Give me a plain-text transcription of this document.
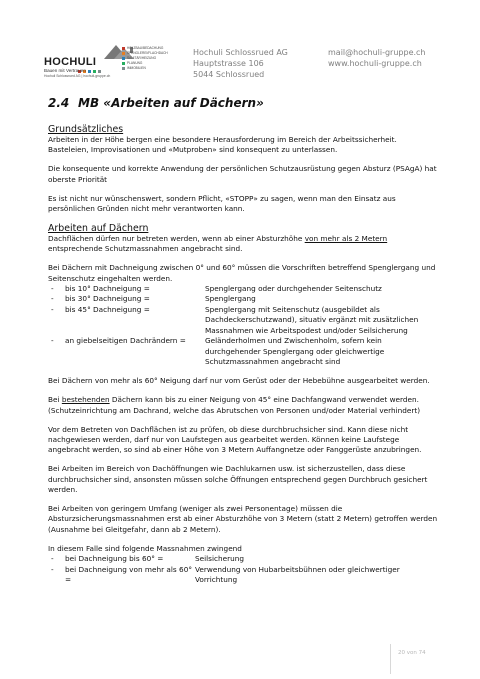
HOCHULI
Bauen mit Vertrauen
Hochuli Schlossrued AG | hochuli-gruppe.ch
HOLZBAU/BEDACHUNG
SPENGLEREI/FLACHDACH
SANITÄR/HEIZUNG
PLANUNG
IMMOBILIEN
Hochuli Schlossrued AG
Hauptstrasse 106
5044 Schlossrued
mail@hochuli-gruppe.ch
www.hochuli-gruppe.ch
2.4 MB «Arbeiten auf Dächern»
Grundsätzliches

Arbeiten in der Höhe bergen eine besondere Herausforderung im Bereich der Arbeitssicherheit. Basteleien, Improvisationen und «Mutproben» sind konsequent zu unterlassen.

Die konsequente und korrekte Anwendung der persönlichen Schutzausrüstung gegen Absturz (PSAgA) hat oberste Priorität

Es ist nicht nur wünschenswert, sondern Pflicht, «STOPP» zu sagen, wenn man den Einsatz aus persönlichen Gründen nicht mehr verantworten kann.

Arbeiten auf Dächern

Dachflächen dürfen nur betreten werden, wenn ab einer Absturzhöhe von mehr als 2 Metern entsprechende Schutzmassnahmen angebracht sind.

Bei Dächern mit Dachneigung zwischen 0° und 60° müssen die Vorschriften betreffend Spenglergang und Seitenschutz eingehalten werden.

-	bis 10° Dachneigung =	Spenglergang oder durchgehender Seitenschutz
-	bis 30° Dachneigung =	Spenglergang
-	bis 45° Dachneigung =	Spenglergang mit Seitenschutz (ausgebildet als Dachdeckerschutzwand), situativ ergänzt mit zusätzlichen Massnahmen wie Arbeitspodest und/oder Seilsicherung
-	an giebelseitigen Dachrändern =	Geländerholmen und Zwischenholm, sofern kein durchgehender Spenglergang oder gleichwertige Schutzmassnahmen angebracht sind

Bei Dächern von mehr als 60° Neigung darf nur vom Gerüst oder der Hebebühne ausgearbeitet werden.

Bei bestehenden Dächern kann bis zu einer Neigung von 45° eine Dachfangwand verwendet werden. (Schutzeinrichtung am Dachrand, welche das Abrutschen von Personen und/oder Material verhindert)

Vor dem Betreten von Dachflächen ist zu prüfen, ob diese durchbruchsicher sind. Kann diese nicht nachgewiesen werden, darf nur von Laufstegen aus gearbeitet werden. Können keine Laufstege angebracht werden, so sind ab einer Höhe von 3 Metern Auffangnetze oder Fanggerüste anzubringen.

Bei Arbeiten im Bereich von Dachöffnungen wie Dachlukarnen usw. ist sicherzustellen, dass diese durchbruchsicher sind, ansonsten müssen solche Öffnungen entsprechend gegen Durchbruch gesichert werden.

Bei Arbeiten von geringem Umfang (weniger als zwei Personentage) müssen die Absturzsicherungsmassnahmen erst ab einer Absturzhöhe von 3 Metern (statt 2 Metern) getroffen werden (Ausnahme bei Gleitgefahr, dann ab 2 Metern).

In diesem Falle sind folgende Massnahmen zwingend

-	bei Dachneigung bis 60° =	Seilsicherung
-	bei Dachneigung von mehr als 60° =
Verwendung von Hubarbeitsbühnen oder gleichwertiger Vorrichtung
20 von 74
